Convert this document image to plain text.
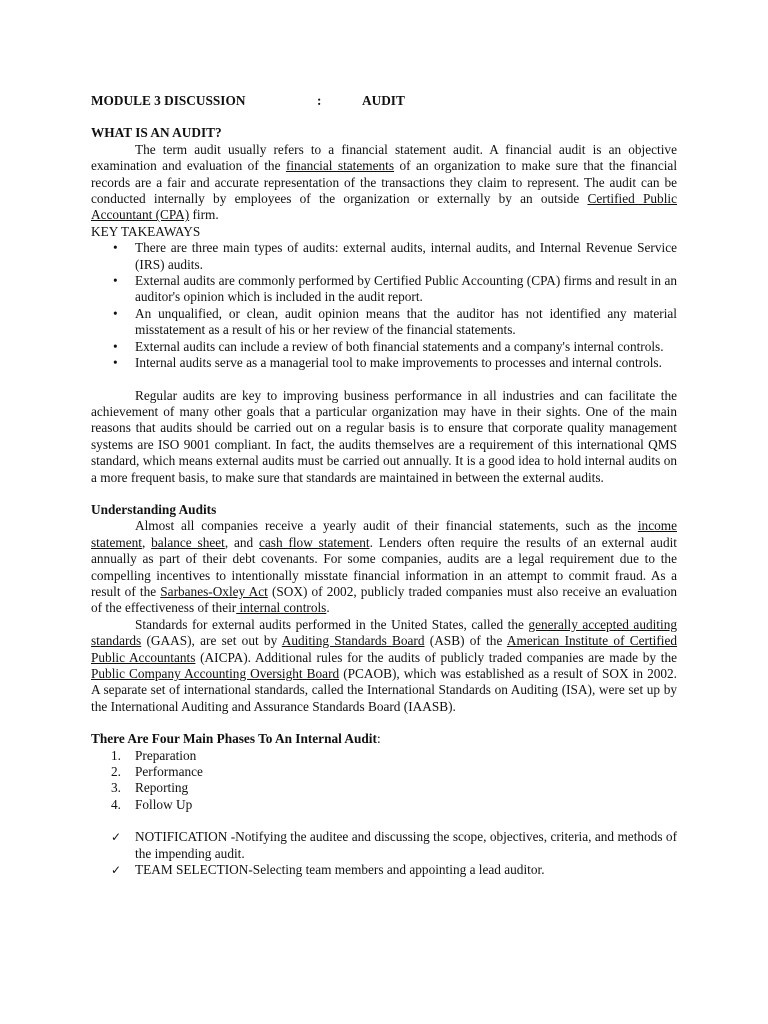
MODULE 3 DISCUSSION	:	AUDIT
WHAT IS AN AUDIT?

The term audit usually refers to a financial statement audit. A financial audit is an objective examination and evaluation of the financial statements of an organization to make sure that the financial records are a fair and accurate representation of the transactions they claim to represent. The audit can be conducted internally by employees of the organization or externally by an outside Certified Public Accountant (CPA) firm.

KEY TAKEAWAYS
• There are three main types of audits: external audits, internal audits, and Internal Revenue Service (IRS) audits.
• External audits are commonly performed by Certified Public Accounting (CPA) firms and result in an auditor's opinion which is included in the audit report.
• An unqualified, or clean, audit opinion means that the auditor has not identified any material misstatement as a result of his or her review of the financial statements.
• External audits can include a review of both financial statements and a company's internal controls.
• Internal audits serve as a managerial tool to make improvements to processes and internal controls.

Regular audits are key to improving business performance in all industries and can facilitate the achievement of many other goals that a particular organization may have in their sights. One of the main reasons that audits should be carried out on a regular basis is to ensure that corporate quality management systems are ISO 9001 compliant. In fact, the audits themselves are a requirement of this international QMS standard, which means external audits must be carried out annually. It is a good idea to hold internal audits on a more frequent basis, to make sure that standards are maintained in between the external audits.

Understanding Audits

Almost all companies receive a yearly audit of their financial statements, such as the income statement, balance sheet, and cash flow statement. Lenders often require the results of an external audit annually as part of their debt covenants. For some companies, audits are a legal requirement due to the compelling incentives to intentionally misstate financial information in an attempt to commit fraud. As a result of the Sarbanes-Oxley Act (SOX) of 2002, publicly traded companies must also receive an evaluation of the effectiveness of their internal controls.

Standards for external audits performed in the United States, called the generally accepted auditing standards (GAAS), are set out by Auditing Standards Board (ASB) of the American Institute of Certified Public Accountants (AICPA). Additional rules for the audits of publicly traded companies are made by the Public Company Accounting Oversight Board (PCAOB), which was established as a result of SOX in 2002. A separate set of international standards, called the International Standards on Auditing (ISA), were set up by the International Auditing and Assurance Standards Board (IAASB).

There Are Four Main Phases To An Internal Audit:
1. Preparation
2. Performance
3. Reporting
4. Follow Up
✓ NOTIFICATION -Notifying the auditee and discussing the scope, objectives, criteria, and methods of the impending audit.
✓ TEAM SELECTION-Selecting team members and appointing a lead auditor.
